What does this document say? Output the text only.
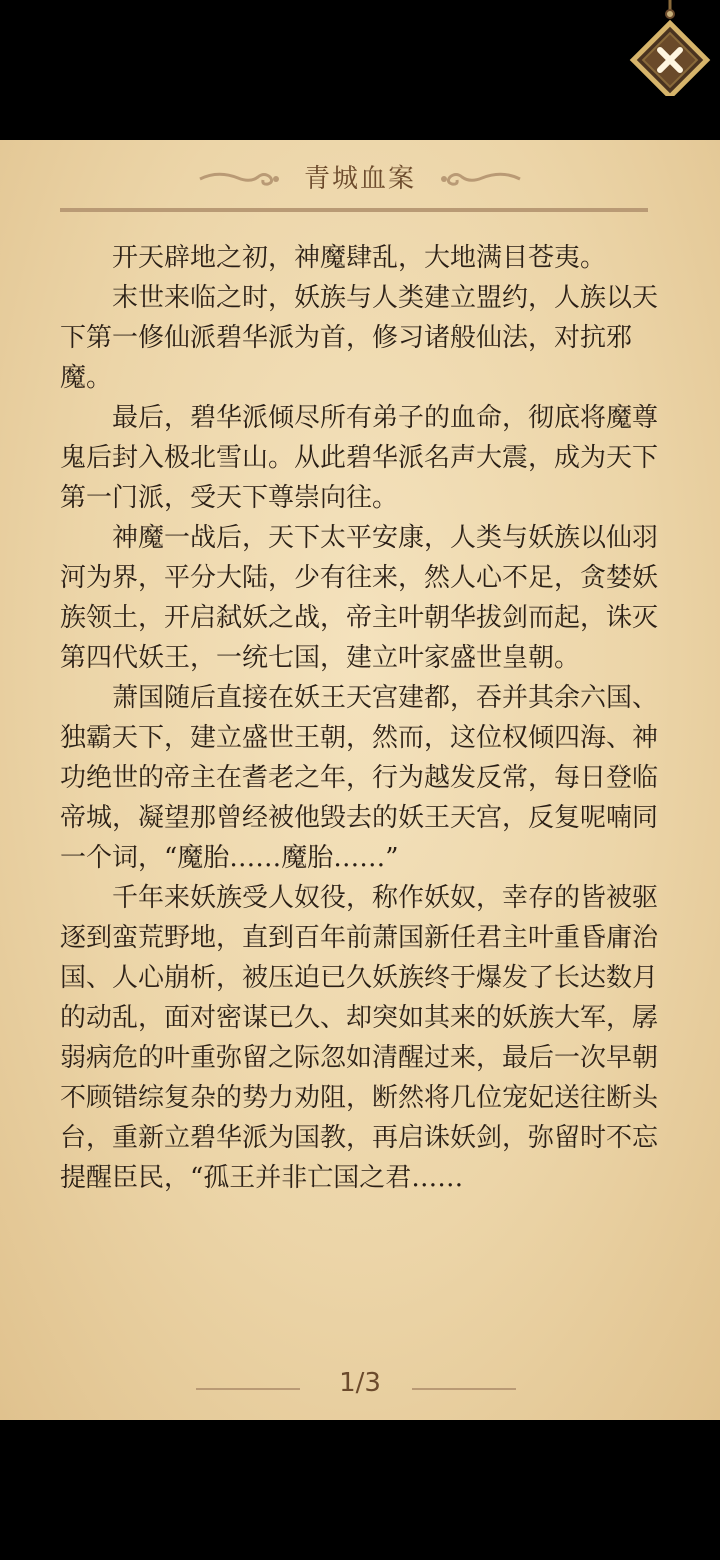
青城血案

开天辟地之初，神魔肆乱，大地满目苍夷。

末世来临之时，妖族与人类建立盟约，人族以天下第一修仙派碧华派为首，修习诸般仙法，对抗邪魔。

最后，碧华派倾尽所有弟子的血命，彻底将魔尊鬼后封入极北雪山。从此碧华派名声大震，成为天下第一门派，受天下尊崇向往。

神魔一战后，天下太平安康，人类与妖族以仙羽河为界，平分大陆，少有往来，然人心不足，贪婪妖族领土，开启弑妖之战，帝主叶朝华拔剑而起，诛灭第四代妖王，一统七国，建立叶家盛世皇朝。

萧国随后直接在妖王天宫建都，吞并其余六国、独霸天下，建立盛世王朝，然而，这位权倾四海、神功绝世的帝主在耆老之年，行为越发反常，每日登临帝城，凝望那曾经被他毁去的妖王天宫，反复呢喃同一个词，“魔胎……魔胎……”

千年来妖族受人奴役，称作妖奴，幸存的皆被驱逐到蛮荒野地，直到百年前萧国新任君主叶重昏庸治国、人心崩析，被压迫已久妖族终于爆发了长达数月的动乱，面对密谋已久、却突如其来的妖族大军，孱弱病危的叶重弥留之际忽如清醒过来，最后一次早朝不顾错综复杂的势力劝阻，断然将几位宠妃送往断头台，重新立碧华派为国教，再启诛妖剑，弥留时不忘提醒臣民，“孤王并非亡国之君……

1/3
